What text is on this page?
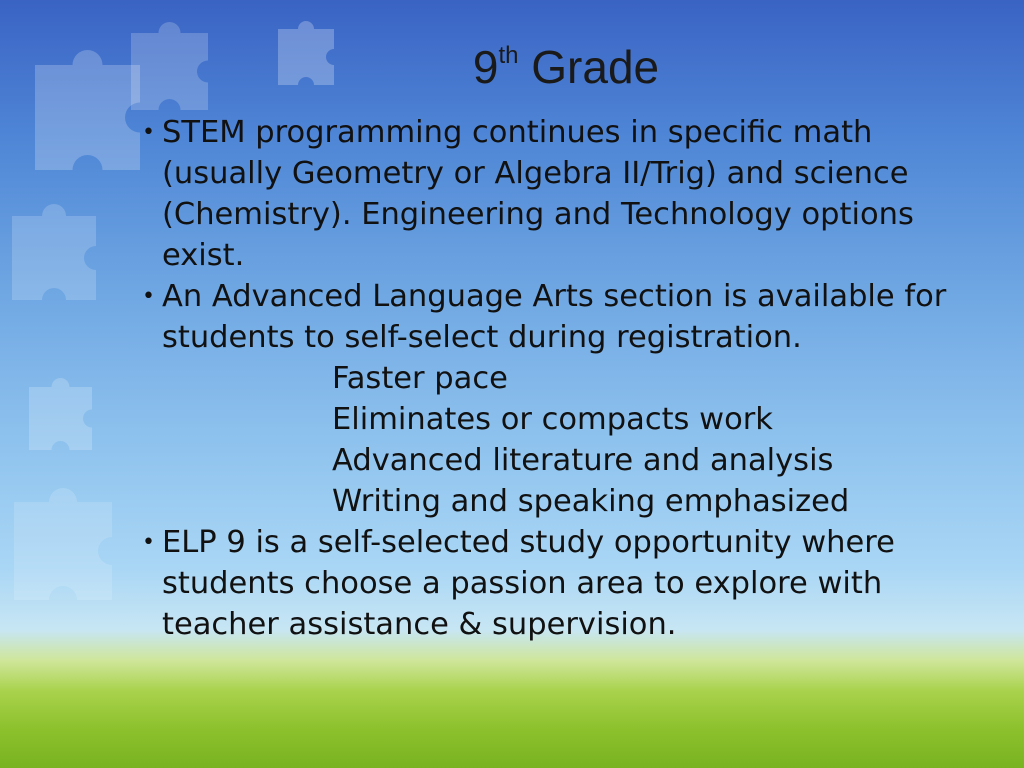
9th Grade
• STEM programming continues in specific math (usually Geometry or Algebra II/Trig) and science (Chemistry). Engineering and Technology options exist.
• An Advanced Language Arts section is available for students to self-select during registration.
Faster pace
Eliminates or compacts work
Advanced literature and analysis
Writing and speaking emphasized
• ELP 9 is a self-selected study opportunity where students choose a passion area to explore with teacher assistance & supervision.
